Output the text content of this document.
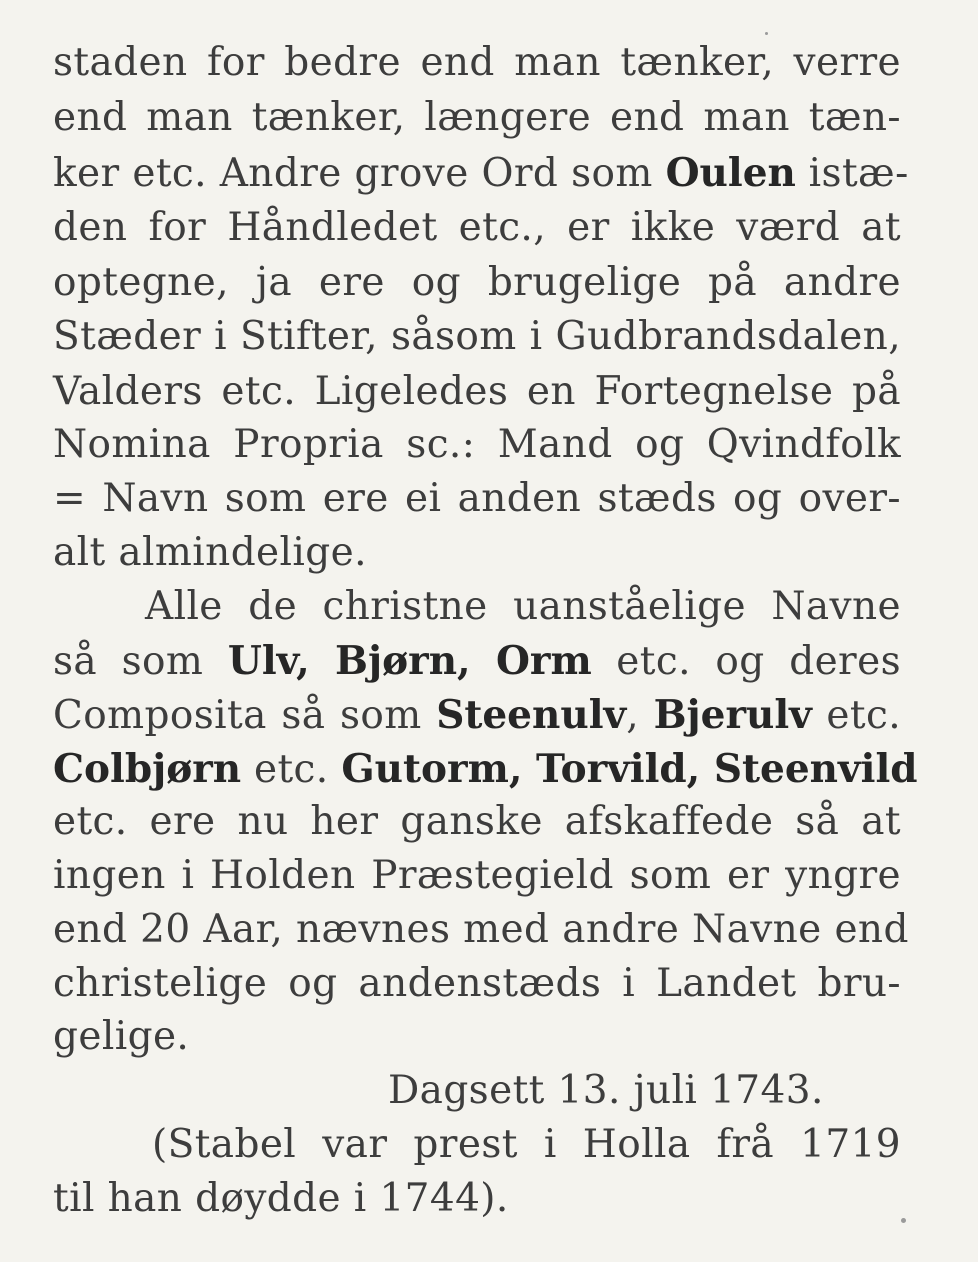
staden for bedre end man tænker, verre
end man tænker, længere end man tæn-
ker etc. Andre grove Ord som Oulen istæ-
den for Håndledet etc., er ikke værd at
optegne, ja ere og brugelige på andre
Stæder i Stifter, såsom i Gudbrandsdalen,
Valders etc. Ligeledes en Fortegnelse på
Nomina Propria sc.: Mand og Qvindfolk
= Navn som ere ei anden stæds og over-
alt almindelige.
Alle de christne uanståelige Navne
så som Ulv, Bjørn, Orm etc. og deres
Composita så som Steenulv, Bjerulv etc.
Colbjørn etc. Gutorm, Torvild, Steenvild
etc. ere nu her ganske afskaffede så at
ingen i Holden Præstegield som er yngre
end 20 Aar, nævnes med andre Navne end
christelige og andenstæds i Landet bru-
gelige.
Dagsett 13. juli 1743.
(Stabel var prest i Holla frå 1719
til han døydde i 1744).
